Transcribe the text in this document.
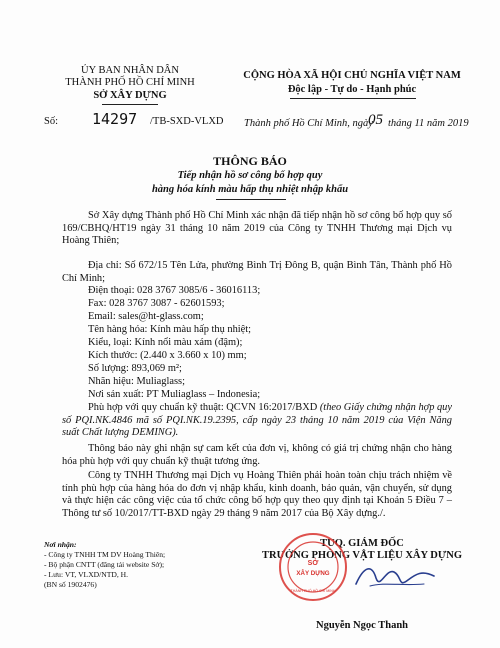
ỦY BAN NHÂN DÂN
THÀNH PHỐ HỒ CHÍ MINH
SỞ XÂY DỰNG
Số: 14297 /TB-SXD-VLXD
CỘNG HÒA XÃ HỘI CHỦ NGHĨA VIỆT NAM
Độc lập - Tự do - Hạnh phúc
Thành phố Hồ Chí Minh, ngày
05 tháng 11 năm 2019
THÔNG BÁO
Tiếp nhận hồ sơ công bố hợp quy
hàng hóa kính màu hấp thụ nhiệt nhập khẩu
Sở Xây dựng Thành phố Hồ Chí Minh xác nhận đã tiếp nhận hồ sơ công bố hợp quy số 169/CBHQ/HT19 ngày 31 tháng 10 năm 2019 của Công ty TNHH Thương mại Dịch vụ Hoàng Thiên;
Địa chỉ: Số 672/15 Tên Lửa, phường Bình Trị Đông B, quận Bình Tân, Thành phố Hồ Chí Minh;
Điện thoại: 028 3767 3085/6 - 36016113;
Fax: 028 3767 3087 - 62601593;
Email: sales@ht-glass.com;
Tên hàng hóa: Kính màu hấp thụ nhiệt;
Kiểu, loại: Kính nổi màu xám (đậm);
Kích thước: (2.440 x 3.660 x 10) mm;
Số lượng: 893,069 m²;
Nhãn hiệu: Muliaglass;
Nơi sản xuất: PT Muliaglass – Indonesia;
Phù hợp với quy chuẩn kỹ thuật: QCVN 16:2017/BXD (theo Giấy chứng nhận hợp quy số PQI.NK.4846 mã số PQI.NK.19.2395, cấp ngày 23 tháng 10 năm 2019 của Viện Năng suất Chất lượng DEMING).
Thông báo này ghi nhận sự cam kết của đơn vị, không có giá trị chứng nhận cho hàng hóa phù hợp với quy chuẩn kỹ thuật tương ứng.
Công ty TNHH Thương mại Dịch vụ Hoàng Thiên phải hoàn toàn chịu trách nhiệm về tính phù hợp của hàng hóa do đơn vị nhập khẩu, kinh doanh, bảo quản, vận chuyển, sử dụng và thực hiện các công việc của tổ chức công bố hợp quy theo quy định tại Khoản 5 Điều 7 – Thông tư số 10/2017/TT-BXD ngày 29 tháng 9 năm 2017 của Bộ Xây dựng./.
Nơi nhận:
- Công ty TNHH TM DV Hoàng Thiên;
- Bộ phận CNTT (đăng tải website Sở);
- Lưu: VT, VLXD/NTD, H.
(BN số 1902476)
TUQ. GIÁM ĐỐC
TRƯỞNG PHÒNG VẬT LIỆU XÂY DỰNG
SỞ
XÂY DỰNG
THÀNH PHỐ HỒ CHÍ MINH
Nguyễn Ngọc Thanh
